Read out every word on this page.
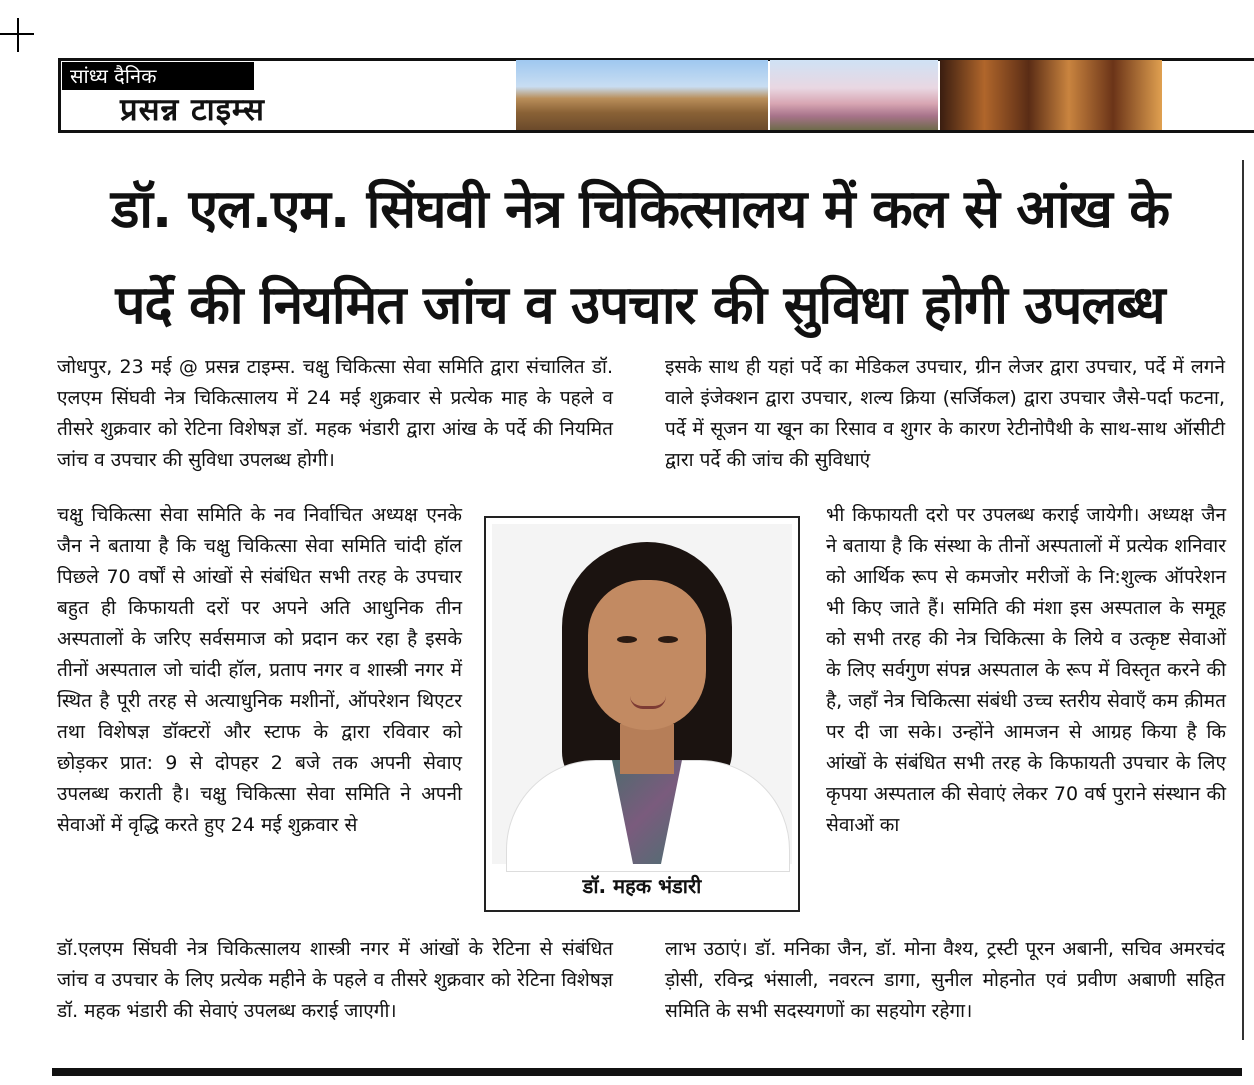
सांध्य दैनिक
प्रसन्न टाइम्स
डॉ. एल.एम. सिंघवी नेत्र चिकित्सालय में कल से आंख के
पर्दे की नियमित जांच व उपचार की सुविधा होगी उपलब्ध

जोधपुर, 23 मई @ प्रसन्न टाइम्स. चक्षु चिकित्सा सेवा समिति द्वारा संचालित डॉ. एलएम सिंघवी नेत्र चिकित्सालय में 24 मई शुक्रवार से प्रत्येक माह के पहले व तीसरे शुक्रवार को रेटिना विशेषज्ञ डॉ. महक भंडारी द्वारा आंख के पर्दे की नियमित जांच व उपचार की सुविधा उपलब्ध होगी।

चक्षु चिकित्सा सेवा समिति के नव निर्वाचित अध्यक्ष एनके जैन ने बताया है कि चक्षु चिकित्सा सेवा समिति चांदी हॉल पिछले 70 वर्षों से आंखों से संबंधित सभी तरह के उपचार बहुत ही किफायती दरों पर अपने अति आधुनिक तीन अस्पतालों के जरिए सर्वसमाज को प्रदान कर रहा है इसके तीनों अस्पताल जो चांदी हॉल, प्रताप नगर व शास्त्री नगर में स्थित है पूरी तरह से अत्याधुनिक मशीनों, ऑपरेशन थिएटर तथा विशेषज्ञ डॉक्टरों और स्टाफ के द्वारा रविवार को छोड़कर प्रात: 9 से दोपहर 2 बजे तक अपनी सेवाए उपलब्ध कराती है। चक्षु चिकित्सा सेवा समिति ने अपनी सेवाओं में वृद्धि करते हुए 24 मई शुक्रवार से

डॉ.एलएम सिंघवी नेत्र चिकित्सालय शास्त्री नगर में आंखों के रेटिना से संबंधित जांच व उपचार के लिए प्रत्येक महीने के पहले व तीसरे शुक्रवार को रेटिना विशेषज्ञ डॉ. महक भंडारी की सेवाएं उपलब्ध कराई जाएगी।

इसके साथ ही यहां पर्दे का मेडिकल उपचार, ग्रीन लेजर द्वारा उपचार, पर्दे में लगने वाले इंजेक्शन द्वारा उपचार, शल्य क्रिया (सर्जिकल) द्वारा उपचार जैसे-पर्दा फटना, पर्दे में सूजन या खून का रिसाव व शुगर के कारण रेटीनोपैथी के साथ-साथ ऑसीटी द्वारा पर्दे की जांच की सुविधाएं

भी किफायती दरो पर उपलब्ध कराई जायेगी। अध्यक्ष जैन ने बताया है कि संस्था के तीनों अस्पतालों में प्रत्येक शनिवार को आर्थिक रूप से कमजोर मरीजों के नि:शुल्क ऑपरेशन भी किए जाते हैं। समिति की मंशा इस अस्पताल के समूह को सभी तरह की नेत्र चिकित्सा के लिये व उत्कृष्ट सेवाओं के लिए सर्वगुण संपन्न अस्पताल के रूप में विस्तृत करने की है, जहाँ नेत्र चिकित्सा संबंधी उच्च स्तरीय सेवाएँ कम क़ीमत पर दी जा सके। उन्होंने आमजन से आग्रह किया है कि आंखों के संबंधित सभी तरह के किफायती उपचार के लिए कृपया अस्पताल की सेवाएं लेकर 70 वर्ष पुराने संस्थान की सेवाओं का

लाभ उठाएं। डॉ. मनिका जैन, डॉ. मोना वैश्य, ट्रस्टी पूरन अबानी, सचिव अमरचंद ड़ोसी, रविन्द्र भंसाली, नवरत्न डागा, सुनील मोहनोत एवं प्रवीण अबाणी सहित समिति के सभी सदस्यगणों का सहयोग रहेगा।

डॉ. महक भंडारी
